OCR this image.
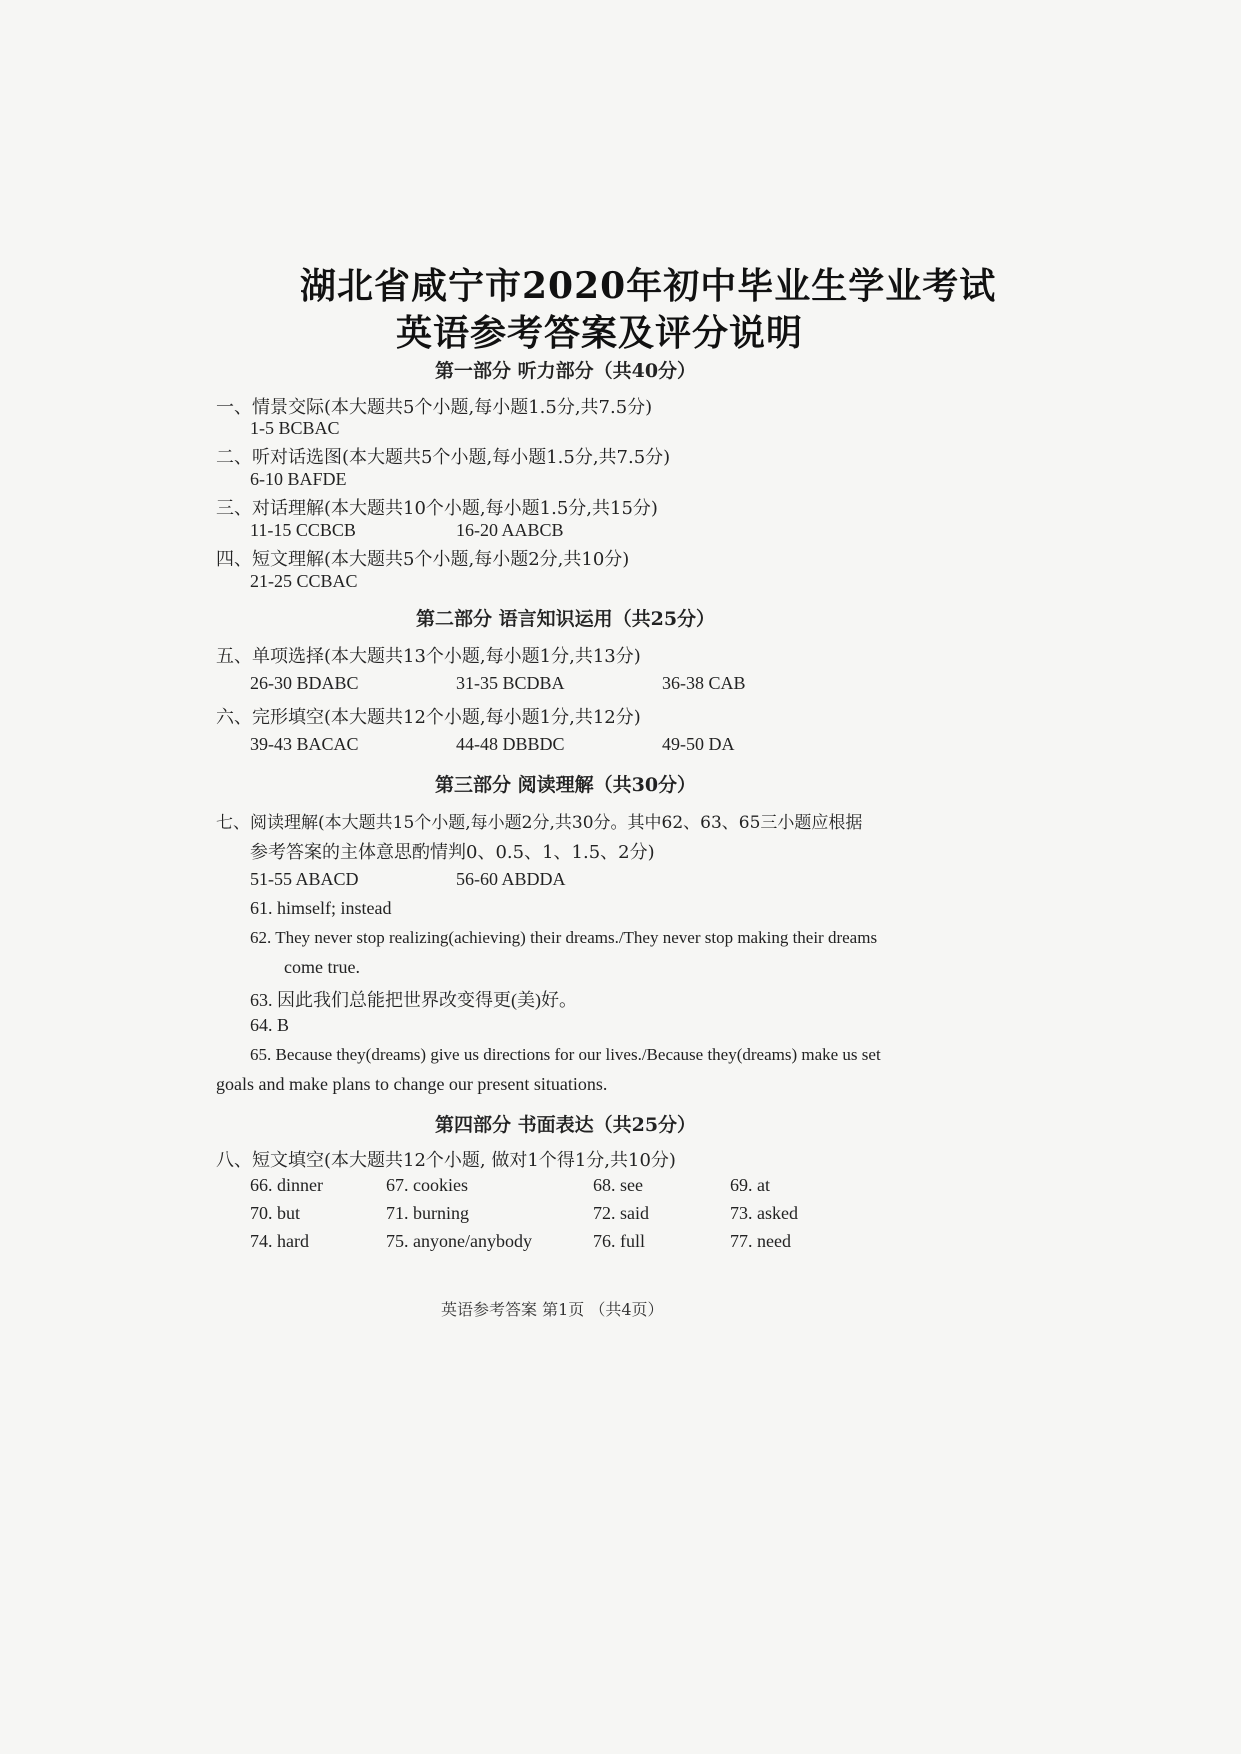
湖北省咸宁市2020年初中毕业生学业考试
英语参考答案及评分说明
第一部分 听力部分（共40分）
一、情景交际(本大题共5个小题,每小题1.5分,共7.5分)
1-5 BCBAC
二、听对话选图(本大题共5个小题,每小题1.5分,共7.5分)
6-10 BAFDE
三、对话理解(本大题共10个小题,每小题1.5分,共15分)
11-15 CCBCB	16-20 AABCB
四、短文理解(本大题共5个小题,每小题2分,共10分)
21-25 CCBAC
第二部分 语言知识运用（共25分）
五、单项选择(本大题共13个小题,每小题1分,共13分)
26-30 BDABC	31-35 BCDBA	36-38 CAB
六、完形填空(本大题共12个小题,每小题1分,共12分)
39-43 BACAC	44-48 DBBDC	49-50 DA
第三部分 阅读理解（共30分）
七、阅读理解(本大题共15个小题,每小题2分,共30分。其中62、63、65三小题应根据
参考答案的主体意思酌情判0、0.5、1、1.5、2分)
51-55 ABACD	56-60 ABDDA
61. himself; instead
62. They never stop realizing(achieving) their dreams./They never stop making their dreams
come true.
63. 因此我们总能把世界改变得更(美)好。
64. B
65. Because they(dreams) give us directions for our lives./Because they(dreams) make us set
goals and make plans to change our present situations.
第四部分 书面表达（共25分）
八、短文填空(本大题共12个小题, 做对1个得1分,共10分)
66. dinner	67. cookies	68. see	69. at
70. but	71. burning	72. said	73. asked
74. hard	75. anyone/anybody	76. full	77. need
英语参考答案 第1页 （共4页）
